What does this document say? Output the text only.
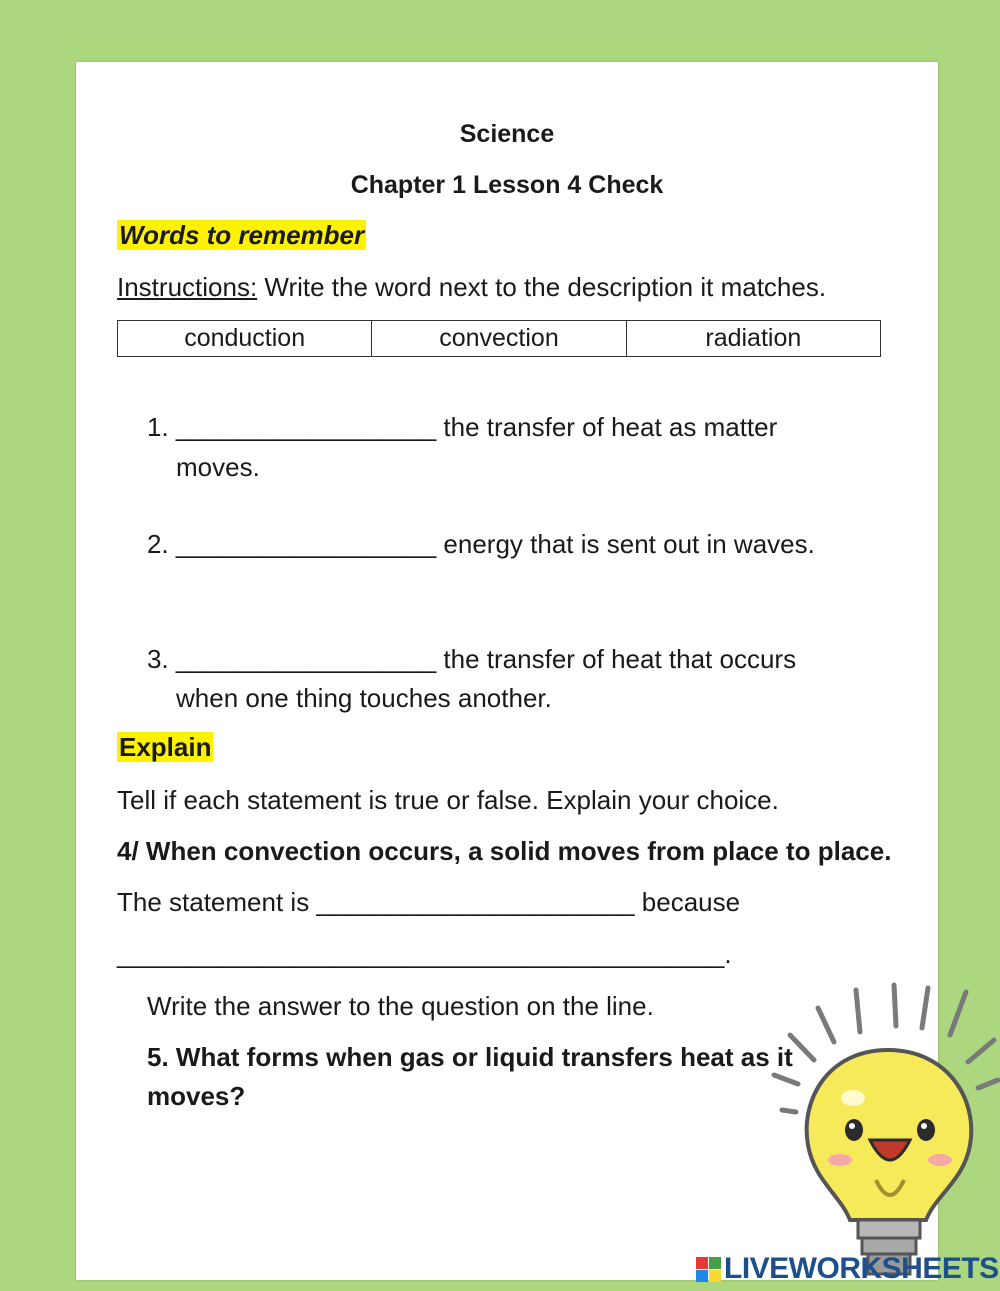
Science
Chapter 1 Lesson 4 Check
Words to remember
Instructions: Write the word next to the description it matches.
conduction	convection	radiation
1. __________________ the transfer of heat as matter
moves.
2. __________________ energy that is sent out in waves.
3. __________________ the transfer of heat that occurs
when one thing touches another.
Explain
Tell if each statement is true or false. Explain your choice.
4/ When convection occurs, a solid moves from place to place.
The statement is ______________________ because
__________________________________________.
Write the answer to the question on the line.
5. What forms when gas or liquid transfers heat as it
moves?
LIVEWORKSHEETS
